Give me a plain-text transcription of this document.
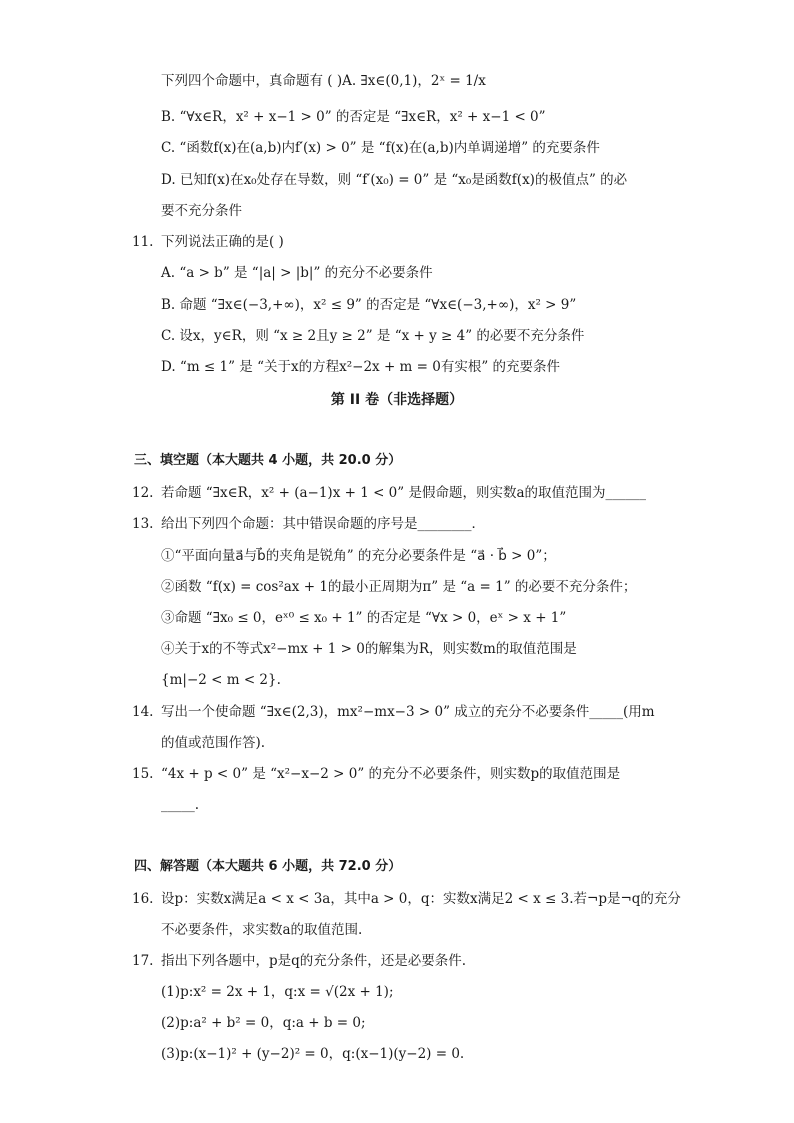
下列四个命题中，真命题有 ( )A. ∃x∈(0,1)，2ˣ = 1/x
B. “∀x∈R，x² + x−1 > 0” 的否定是 “∃x∈R，x² + x−1 < 0”
C. “函数f(x)在(a,b)内f′(x) > 0” 是 “f(x)在(a,b)内单调递增” 的充要条件
D. 已知f(x)在x₀处存在导数，则 “f′(x₀) = 0” 是 “x₀是函数f(x)的极值点” 的必
要不充分条件
11. 下列说法正确的是( )
A. “a > b” 是 “|a| > |b|” 的充分不必要条件
B. 命题 “∃x∈(−3,+∞)，x² ≤ 9” 的否定是 “∀x∈(−3,+∞)，x² > 9”
C. 设x，y∈R，则 “x ≥ 2且y ≥ 2” 是 “x + y ≥ 4” 的必要不充分条件
D. “m ≤ 1” 是 “关于x的方程x²−2x + m = 0有实根” 的充要条件
第 II 卷（非选择题）
三、填空题（本大题共 4 小题，共 20.0 分）
12. 若命题 “∃x∈R，x² + (a−1)x + 1 < 0” 是假命题，则实数a的取值范围为______
13. 给出下列四个命题：其中错误命题的序号是________．
①“平面向量a⃗与b⃗的夹角是锐角” 的充分必要条件是 “a⃗ · b⃗ > 0”；
②函数 “f(x) = cos²ax + 1的最小正周期为π” 是 “a = 1” 的必要不充分条件；
③命题 “∃x₀ ≤ 0，eˣ⁰ ≤ x₀ + 1” 的否定是 “∀x > 0，eˣ > x + 1”
④关于x的不等式x²−mx + 1 > 0的解集为R，则实数m的取值范围是
{m|−2 < m < 2}.
14. 写出一个使命题 “∃x∈(2,3)，mx²−mx−3 > 0” 成立的充分不必要条件_____(用m
的值或范围作答).
15. “4x + p < 0” 是 “x²−x−2 > 0” 的充分不必要条件，则实数p的取值范围是
_____.
四、解答题（本大题共 6 小题，共 72.0 分）
16. 设p：实数x满足a < x < 3a，其中a > 0，q：实数x满足2 < x ≤ 3.若¬p是¬q的充分
不必要条件，求实数a的取值范围.
17. 指出下列各题中，p是q的充分条件，还是必要条件.
(1)p:x² = 2x + 1，q:x = √(2x + 1);
(2)p:a² + b² = 0，q:a + b = 0;
(3)p:(x−1)² + (y−2)² = 0，q:(x−1)(y−2) = 0.
